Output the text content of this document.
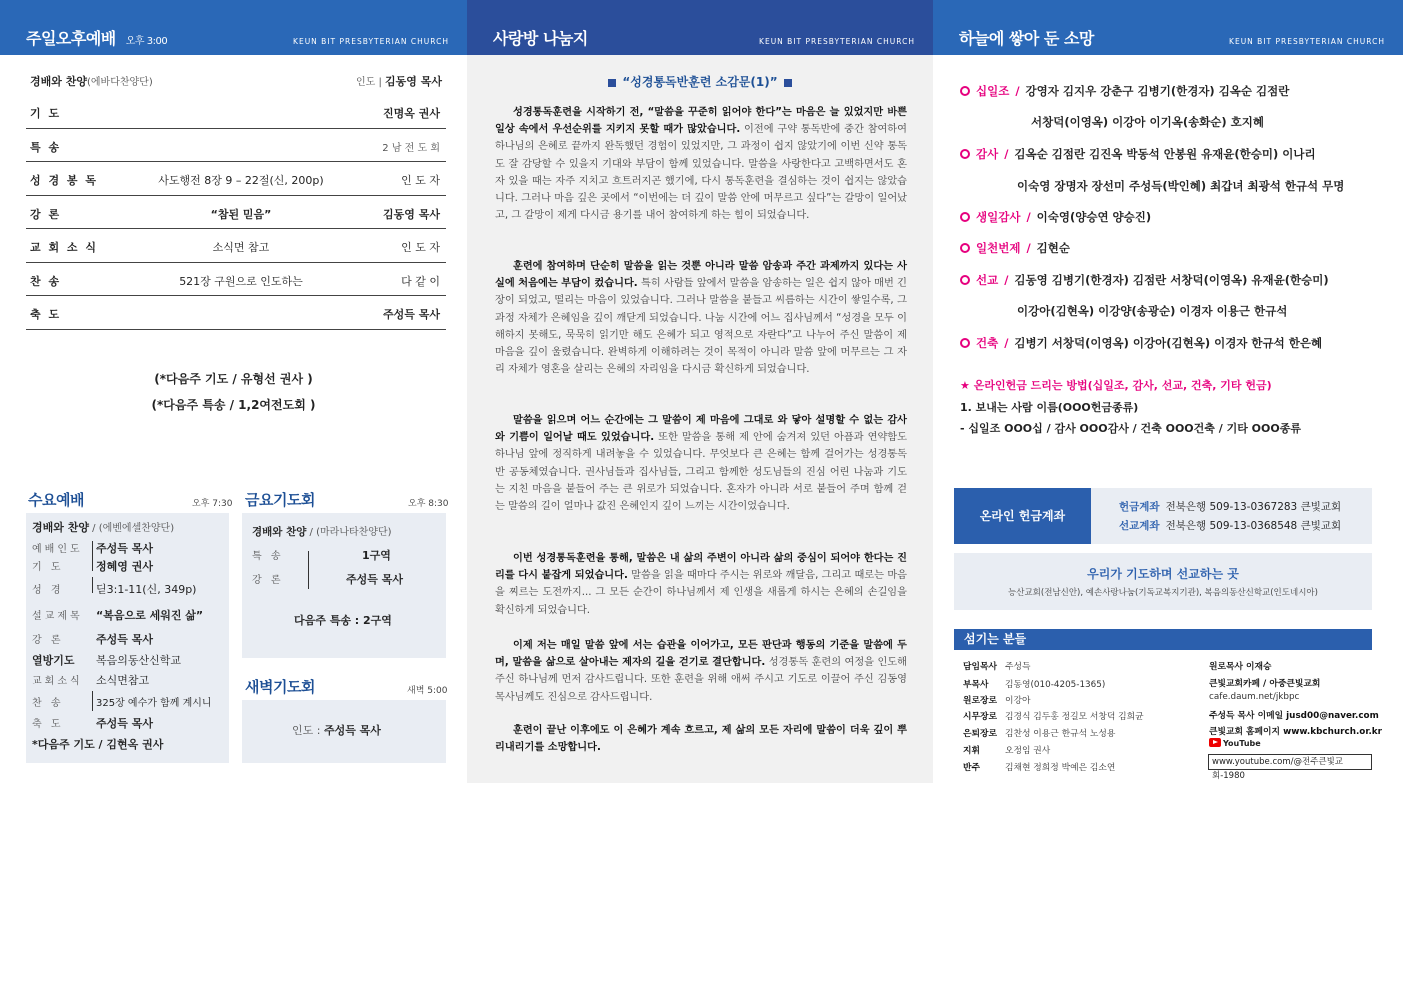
주일오후예배 오후 3:00	KEUN BIT PRESBYTERIAN CHURCH
경배와 찬양(에바다찬양단)	인도 | 김동영 목사
기 도	진명옥 권사
특 송	2 남 전 도 회
성 경 봉 독	사도행전 8장 9 – 22절(신, 200p)	인 도 자
강 론	“참된 믿음”	김동영 목사
교 회 소 식	소식면 참고	인 도 자
찬 송	521장 구원으로 인도하는	다 같 이
축 도	주성득 목사
(*다음주 기도 / 유형선 권사 )
(*다음주 특송 / 1,2여전도회 )
수요예배	오후 7:30
경배와 찬양 / (에벤에셀찬양단)
예배인도 주성득 목사
기 도	정혜영 권사
성 경	딛3:1-11(신, 349p)
설교제목 “복음으로 세워진 삶”
강 론	주성득 목사
열방기도 복음의동산신학교
교회소식 소식면참고
찬 송	325장 예수가 함께 계시니
축 도	주성득 목사
*다음주 기도 / 김현옥 권사
금요기도회	오후 8:30
경배와 찬양 / (마라나타찬양단)
특 송	1구역
강 론	주성득 목사
다음주 특송 : 2구역
새벽기도회	새벽 5:00
인도 : 주성득 목사
사랑방 나눔지	KEUN BIT PRESBYTERIAN CHURCH
“성경통독반훈련 소감문(1)”
성경통독훈련을 시작하기 전, “말씀을 꾸준히 읽어야 한다”는 마음은 늘 있었지만 바쁜 일상 속에서 우선순위를 지키지 못할 때가 많았습니다. 이전에 구약 통독반에 중간 참여하여 하나님의 은혜로 끝까지 완독했던 경험이 있었지만, 그 과정이 쉽지 않았기에 이번 신약 통독도 잘 감당할 수 있을지 기대와 부담이 함께 있었습니다. 말씀을 사랑한다고 고백하면서도 혼자 있을 때는 자주 지치고 흐트러지곤 했기에, 다시 통독훈련을 결심하는 것이 쉽지는 않았습니다. 그러나 마음 깊은 곳에서 “이번에는 더 깊이 말씀 안에 머무르고 싶다”는 갈망이 일어났고, 그 갈망이 제게 다시금 용기를 내어 참여하게 하는 힘이 되었습니다.
훈련에 참여하며 단순히 말씀을 읽는 것뿐 아니라 말씀 암송과 주간 과제까지 있다는 사실에 처음에는 부담이 컸습니다. 특히 사람들 앞에서 말씀을 암송하는 일은 쉽지 않아 매번 긴장이 되었고, 떨리는 마음이 있었습니다. 그러나 말씀을 붙들고 씨름하는 시간이 쌓일수록, 그 과정 자체가 은혜임을 깊이 깨닫게 되었습니다. 나눔 시간에 어느 집사님께서 “성경을 모두 이해하지 못해도, 묵묵히 읽기만 해도 은혜가 되고 영적으로 자란다”고 나누어 주신 말씀이 제 마음을 깊이 울렸습니다. 완벽하게 이해하려는 것이 목적이 아니라 말씀 앞에 머무르는 그 자리 자체가 영혼을 살리는 은혜의 자리임을 다시금 확신하게 되었습니다.
말씀을 읽으며 어느 순간에는 그 말씀이 제 마음에 그대로 와 닿아 설명할 수 없는 감사와 기쁨이 일어날 때도 있었습니다. 또한 말씀을 통해 제 안에 숨겨져 있던 아픔과 연약함도 하나님 앞에 정직하게 내려놓을 수 있었습니다. 무엇보다 큰 은혜는 함께 걸어가는 성경통독반 공동체였습니다. 권사님들과 집사님들, 그리고 함께한 성도님들의 진심 어린 나눔과 기도는 지친 마음을 붙들어 주는 큰 위로가 되었습니다. 혼자가 아니라 서로 붙들어 주며 함께 걷는 말씀의 길이 얼마나 값진 은혜인지 깊이 느끼는 시간이었습니다.
이번 성경통독훈련을 통해, 말씀은 내 삶의 주변이 아니라 삶의 중심이 되어야 한다는 진리를 다시 붙잡게 되었습니다. 말씀을 읽을 때마다 주시는 위로와 깨달음, 그리고 때로는 마음을 찌르는 도전까지... 그 모든 순간이 하나님께서 제 인생을 새롭게 하시는 은혜의 손길임을 확신하게 되었습니다.
이제 저는 매일 말씀 앞에 서는 습관을 이어가고, 모든 판단과 행동의 기준을 말씀에 두며, 말씀을 삶으로 살아내는 제자의 길을 걷기로 결단합니다. 성경통독 훈련의 여정을 인도해 주신 하나님께 먼저 감사드립니다. 또한 훈련을 위해 애써 주시고 기도로 이끌어 주신 김동영 목사님께도 진심으로 감사드립니다.
훈련이 끝난 이후에도 이 은혜가 계속 흐르고, 제 삶의 모든 자리에 말씀이 더욱 깊이 뿌리내리기를 소망합니다.
하늘에 쌓아 둔 소망	KEUN BIT PRESBYTERIAN CHURCH
십일조 / 강영자 김지우 강춘구 김병기(한경자) 김옥순 김점란
서창덕(이영옥) 이강아 이기옥(송화순) 호지혜
감사 / 김옥순 김점란 김진옥 박동석 안봉원 유재윤(한승미) 이나리
이숙영 장명자 장선미 주성득(박인혜) 최갑녀 최광석 한규석 무명
생일감사 / 이숙영(양승연 양승진)
일천번제 / 김현순
선교 / 김동영 김병기(한경자) 김점란 서창덕(이영옥) 유재윤(한승미)
이강아(김현옥) 이강양(송광순) 이경자 이용근 한규석
건축 / 김병기 서창덕(이영옥) 이강아(김현옥) 이경자 한규석 한은혜
★ 온라인헌금 드리는 방법(십일조, 감사, 선교, 건축, 기타 헌금)
1. 보내는 사람 이름(OOO헌금종류)
- 십일조 OOO십 / 감사 OOO감사 / 건축 OOO건축 / 기타 OOO종류
온라인 헌금계좌
헌금계좌 전북은행 509-13-0367283 큰빛교회
선교계좌 전북은행 509-13-0368548 큰빛교회
우리가 기도하며 선교하는 곳
능산교회(전남신안), 예손사랑나눔(기독교복지기관), 복음의동산신학교(인도네시아)
섬기는 분들
담임목사 주성득
부목사 김동영(010-4205-1365)
원로장로 이강아
시무장로 김경식 김두홍 정길모 서창덕 김희균
은퇴장로 김찬성 이용근 한규석 노성용
지휘	오정임 권사
반주	김채현 정희정 박예은 김소연
원로목사 이재승
큰빛교회카페 / 아중큰빛교회
cafe.daum.net/jkbpc
주성득 목사 이메일 jusd00@naver.com
큰빛교회 홈페이지 www.kbchurch.or.kr
YouTube
www.youtube.com/@전주큰빛교회-1980
